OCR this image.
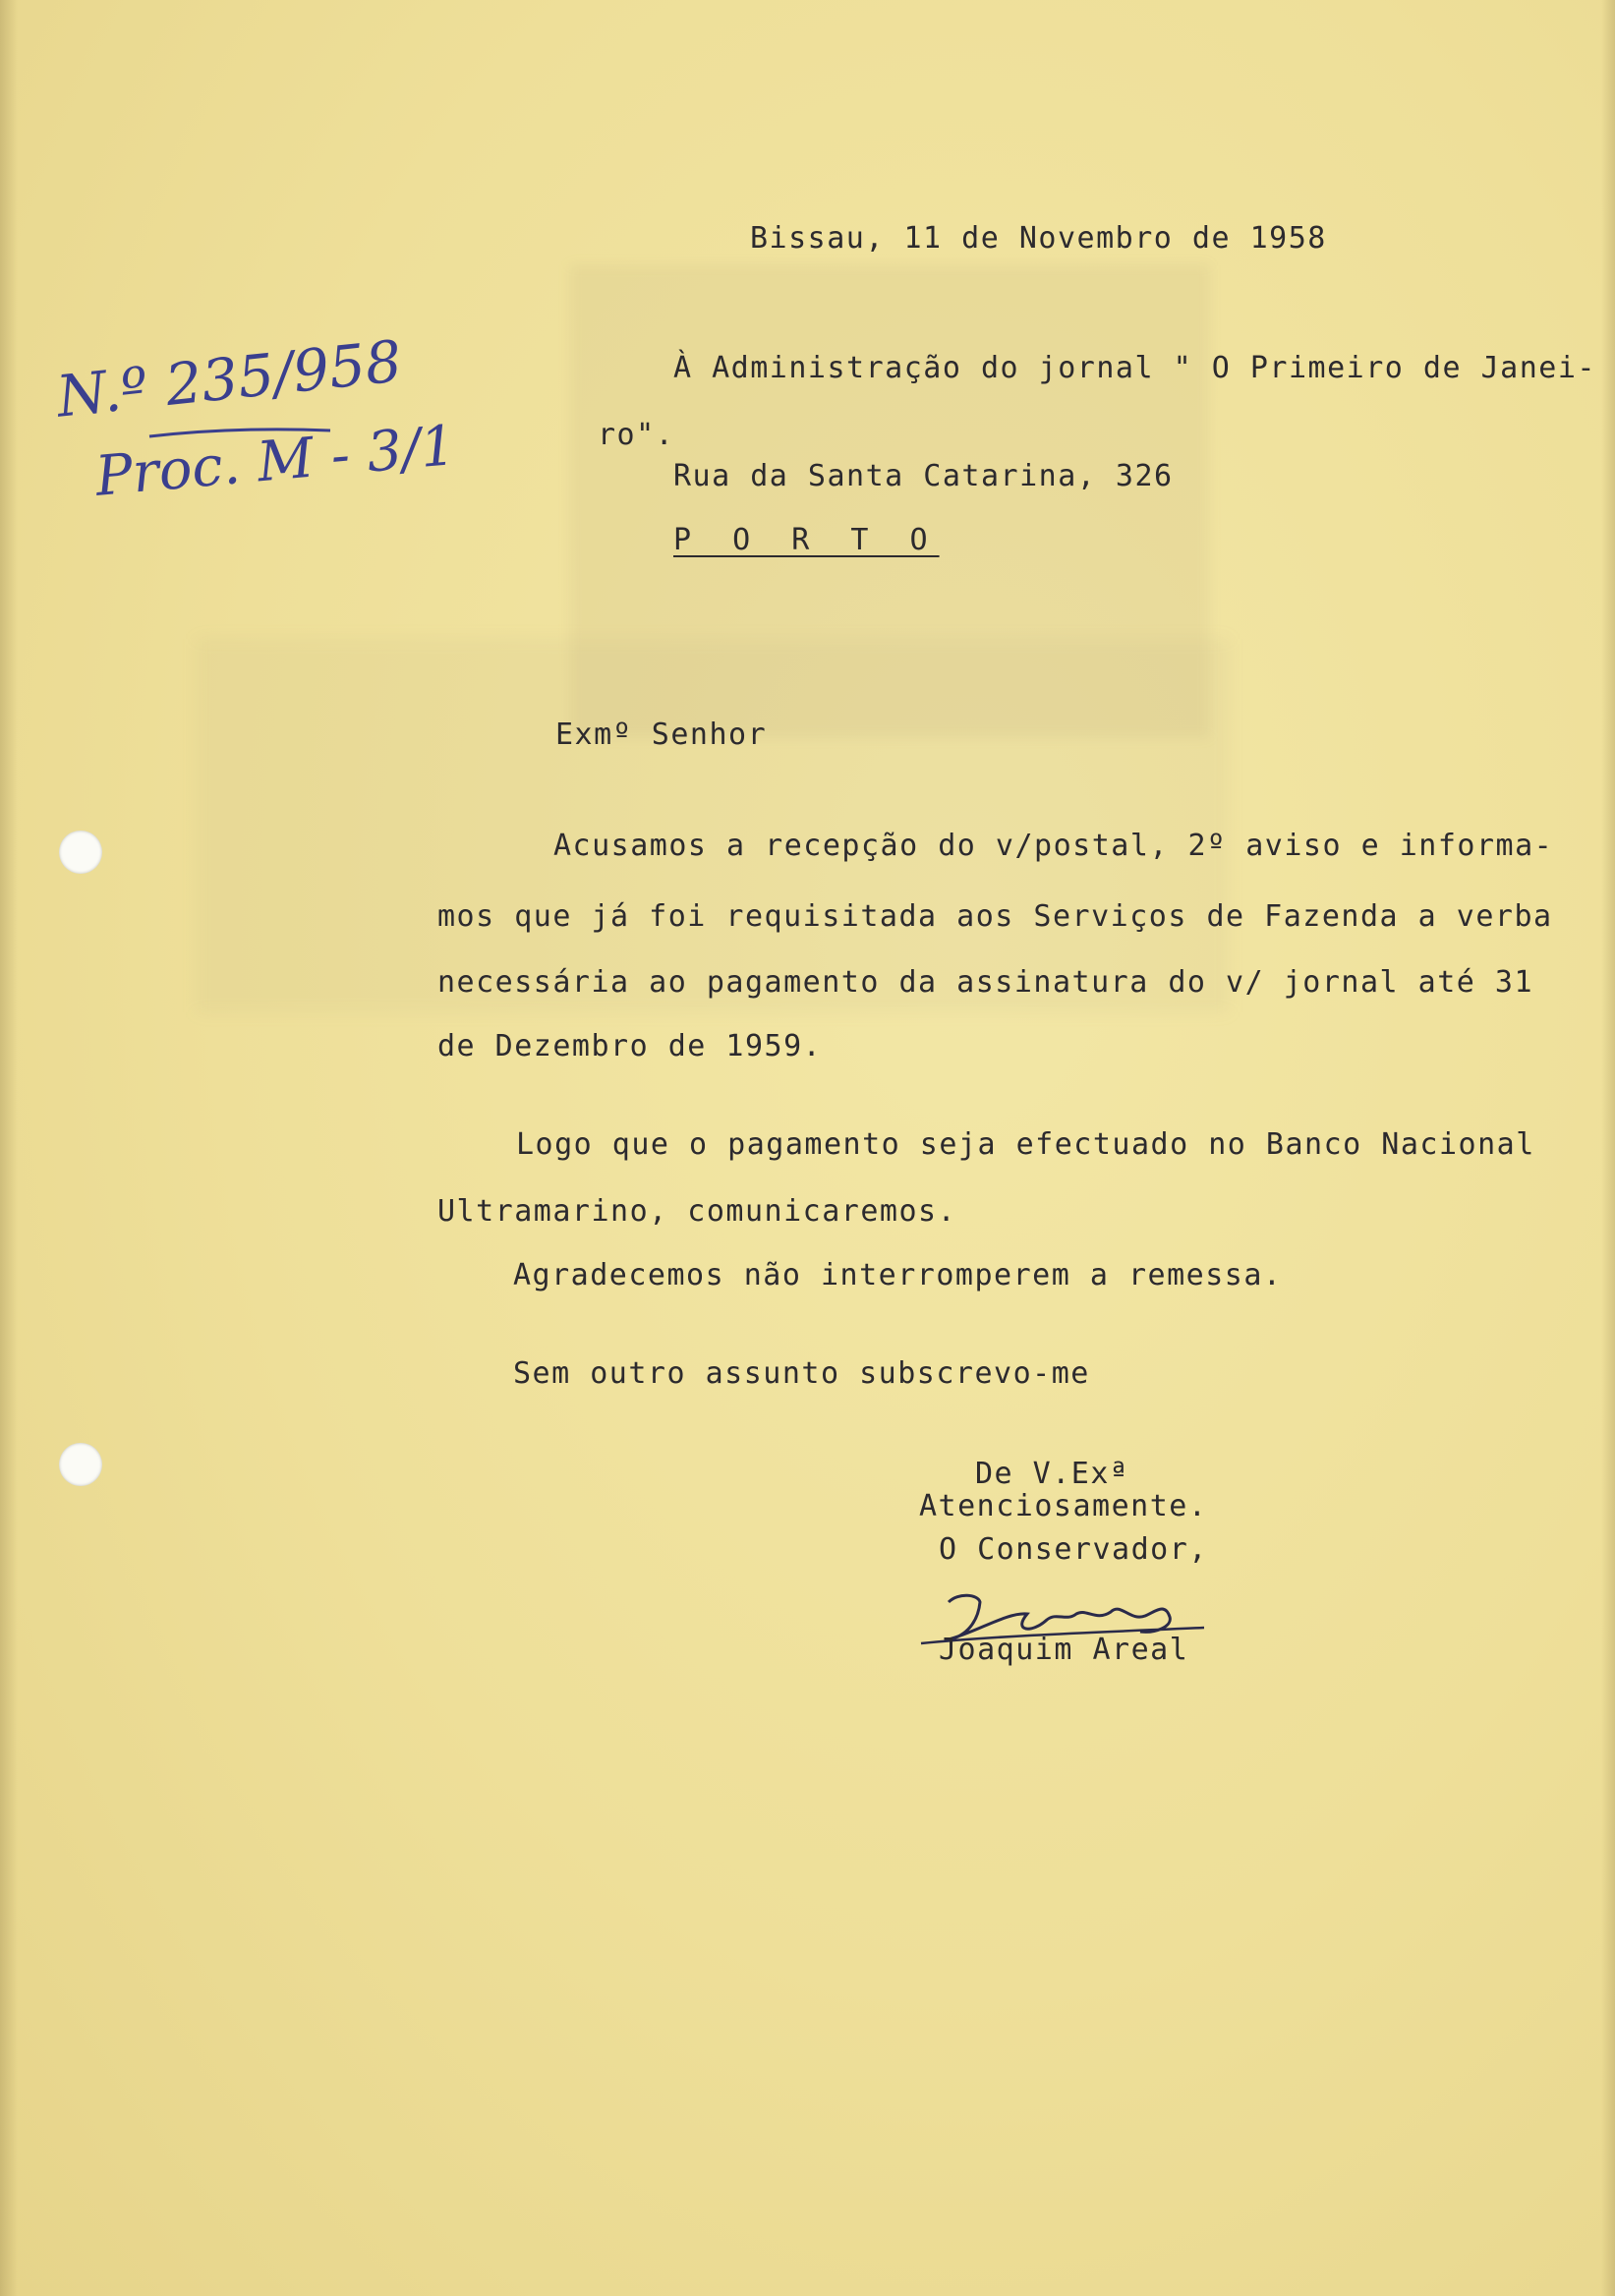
N.º 235/958
Proc. M - 3/1
Bissau, 11 de Novembro de 1958
À Administração do jornal " O Primeiro de Janei-
ro".
Rua da Santa Catarina, 326
P O R T O
Exmº Senhor
Acusamos a recepção do v/postal, 2º aviso e informa-
mos que já foi requisitada aos Serviços de Fazenda a verba
necessária ao pagamento da assinatura do v/ jornal até 31
de Dezembro de 1959.
Logo que o pagamento seja efectuado no Banco Nacional
Ultramarino, comunicaremos.
Agradecemos não interromperem a remessa.
Sem outro assunto subscrevo-me
De V.Exª
Atenciosamente.
O Conservador,
Joaquim Areal
